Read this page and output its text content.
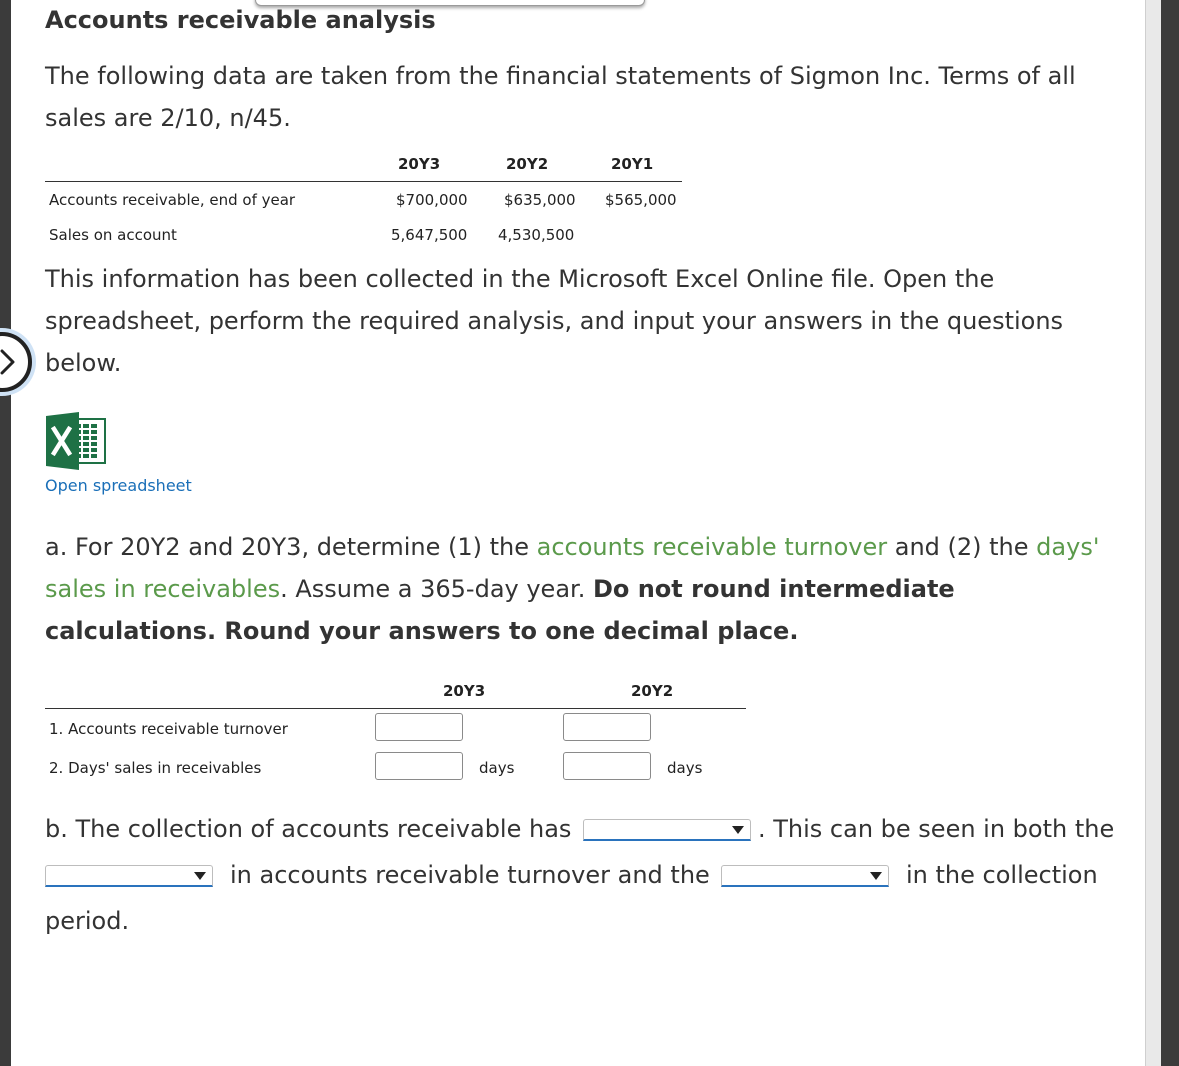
Accounts receivable analysis
The following data are taken from the financial statements of Sigmon Inc. Terms of all
sales are 2/10, n/45.
20Y3	20Y2	20Y1
Accounts receivable, end of year	$700,000 $635,000 $565,000
Sales on account	5,647,500 4,530,500
This information has been collected in the Microsoft Excel Online file. Open the
spreadsheet, perform the required analysis, and input your answers in the questions
below.
Open spreadsheet
a. For 20Y2 and 20Y3, determine (1) the accounts receivable turnover and (2) the days'
sales in receivables. Assume a 365-day year. Do not round intermediate
calculations. Round your answers to one decimal place.
20Y3	20Y2
1. Accounts receivable turnover
2. Days' sales in receivables	days	days
b. The collection of accounts receivable has	. This can be seen in both the
in accounts receivable turnover and the	in the collection
period.
